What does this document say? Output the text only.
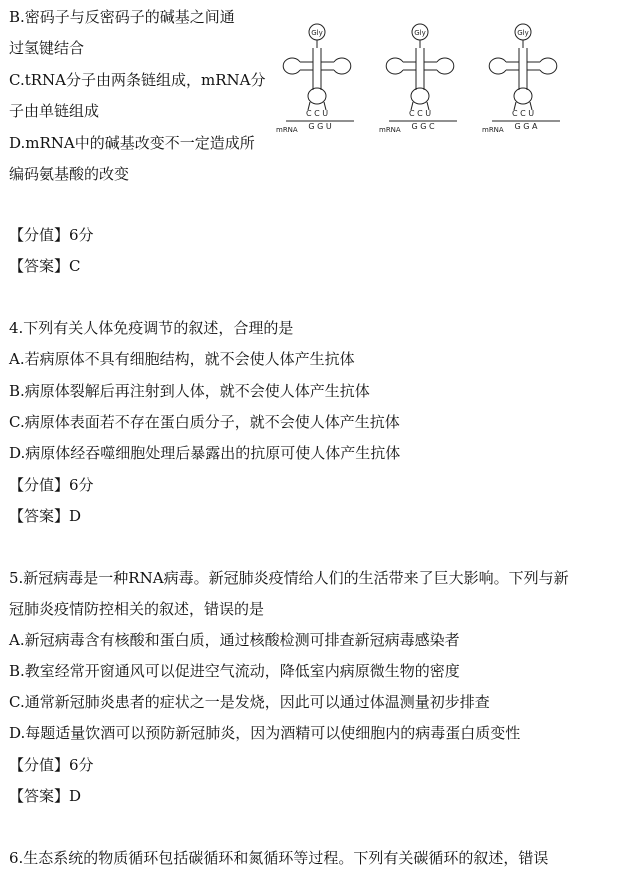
B.密码子与反密码子的碱基之间通
过氢键结合
C.tRNA分子由两条链组成，mRNA分
子由单链组成
D.mRNA中的碱基改变不一定造成所
编码氨基酸的改变
Gly
C C U
G G U
mRNA
Gly
C C U
G G C
mRNA
Gly
C C U
G G A
mRNA
【分值】6分
【答案】C
4.下列有关人体免疫调节的叙述，合理的是
A.若病原体不具有细胞结构，就不会使人体产生抗体
B.病原体裂解后再注射到人体，就不会使人体产生抗体
C.病原体表面若不存在蛋白质分子，就不会使人体产生抗体
D.病原体经吞噬细胞处理后暴露出的抗原可使人体产生抗体
【分值】6分
【答案】D
5.新冠病毒是一种RNA病毒。新冠肺炎疫情给人们的生活带来了巨大影响。下列与新
冠肺炎疫情防控相关的叙述，错误的是
A.新冠病毒含有核酸和蛋白质，通过核酸检测可排查新冠病毒感染者
B.教室经常开窗通风可以促进空气流动，降低室内病原微生物的密度
C.通常新冠肺炎患者的症状之一是发烧，因此可以通过体温测量初步排查
D.每题适量饮酒可以预防新冠肺炎，因为酒精可以使细胞内的病毒蛋白质变性
【分值】6分
【答案】D
6.生态系统的物质循环包括碳循环和氮循环等过程。下列有关碳循环的叙述，错误
